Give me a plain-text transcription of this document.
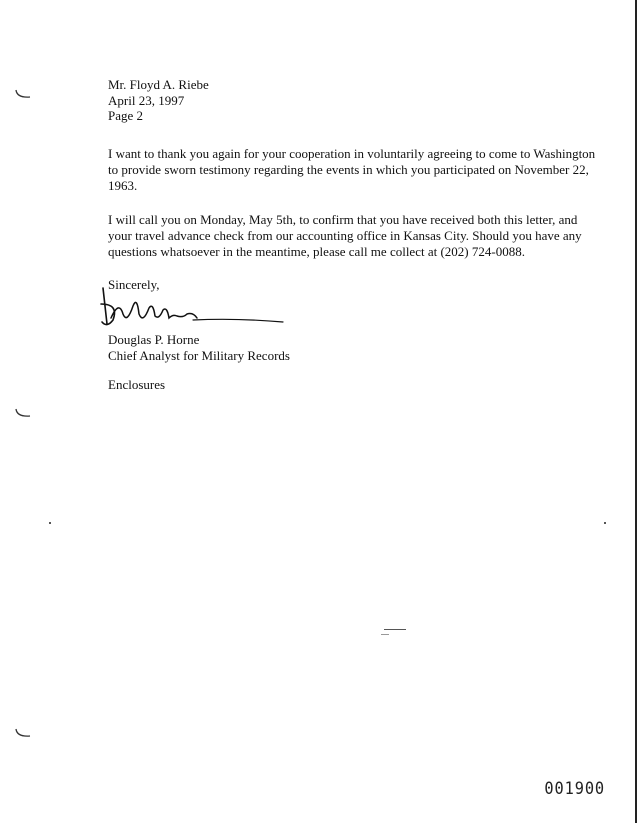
Mr. Floyd A. Riebe

April 23, 1997

Page 2

I want to thank you again for your cooperation in voluntarily agreeing to come to Washington to provide sworn testimony regarding the events in which you participated on November 22, 1963.

I will call you on Monday, May 5th, to confirm that you have received both this letter, and your travel advance check from our accounting office in Kansas City. Should you have any questions whatsoever in the meantime, please call me collect at (202) 724-0088.

Sincerely,

Douglas P. Horne
Chief Analyst for Military Records
Enclosures
001900
